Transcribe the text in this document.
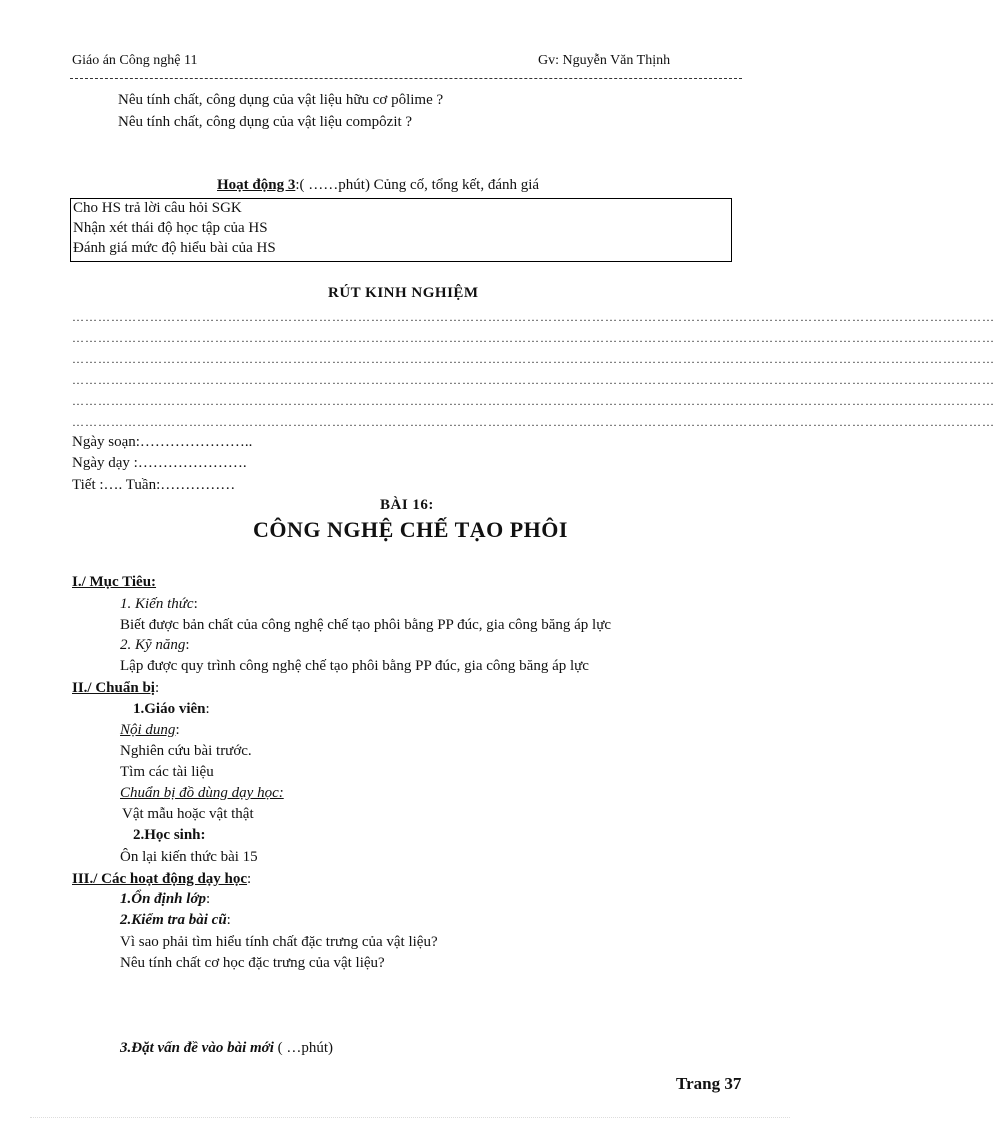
Giáo án Công nghệ 11	Gv: Nguyễn Văn Thịnh
Nêu tính chất, công dụng của vật liệu hữu cơ pôlime ?
Nêu tính chất, công dụng của vật liệu compôzit ?
Hoạt động 3:( ……phút) Củng cố, tổng kết, đánh giá
Cho HS trả lời câu hỏi SGK
Nhận xét thái độ học tập của HS
Đánh giá mức độ hiểu bài của HS
RÚT KINH NGHIỆM
……………………………………………………………………………………………………………………………………………………………………………………………
……………………………………………………………………………………………………………………………………………………………………………………………
……………………………………………………………………………………………………………………………………………………………………………………………
……………………………………………………………………………………………………………………………………………………………………………………………
……………………………………………………………………………………………………………………………………………………………………………………………
……………………………………………………………………………………………………………………………………………………………………………………………
Ngày soạn:…………………..
Ngày dạy :………………….
Tiết :…. Tuần:……………
BÀI 16:
CÔNG NGHỆ CHẾ TẠO PHÔI
I./ Mục Tiêu:
1. Kiến thức:
Biết được bản chất của công nghệ chế tạo phôi bằng PP đúc, gia công băng áp lực
2. Kỹ năng:
Lập được quy trình công nghệ chế tạo phôi bằng PP đúc, gia công băng áp lực
II./ Chuẩn bị:
1.Giáo viên:
Nội dung:
Nghiên cứu bài trước.
Tìm các tài liệu
Chuẩn bị đồ dùng dạy học:
Vật mẫu hoặc vật thật
2.Học sinh:
Ôn lại kiến thức bài 15
III./ Các hoạt động dạy học:
1.Ổn định lớp:
2.Kiểm tra bài cũ:
Vì sao phải tìm hiểu tính chất đặc trưng của vật liệu?
Nêu tính chất cơ học đặc trưng của vật liệu?
3.Đặt vấn đề vào bài mới ( …phút)
Trang 37
